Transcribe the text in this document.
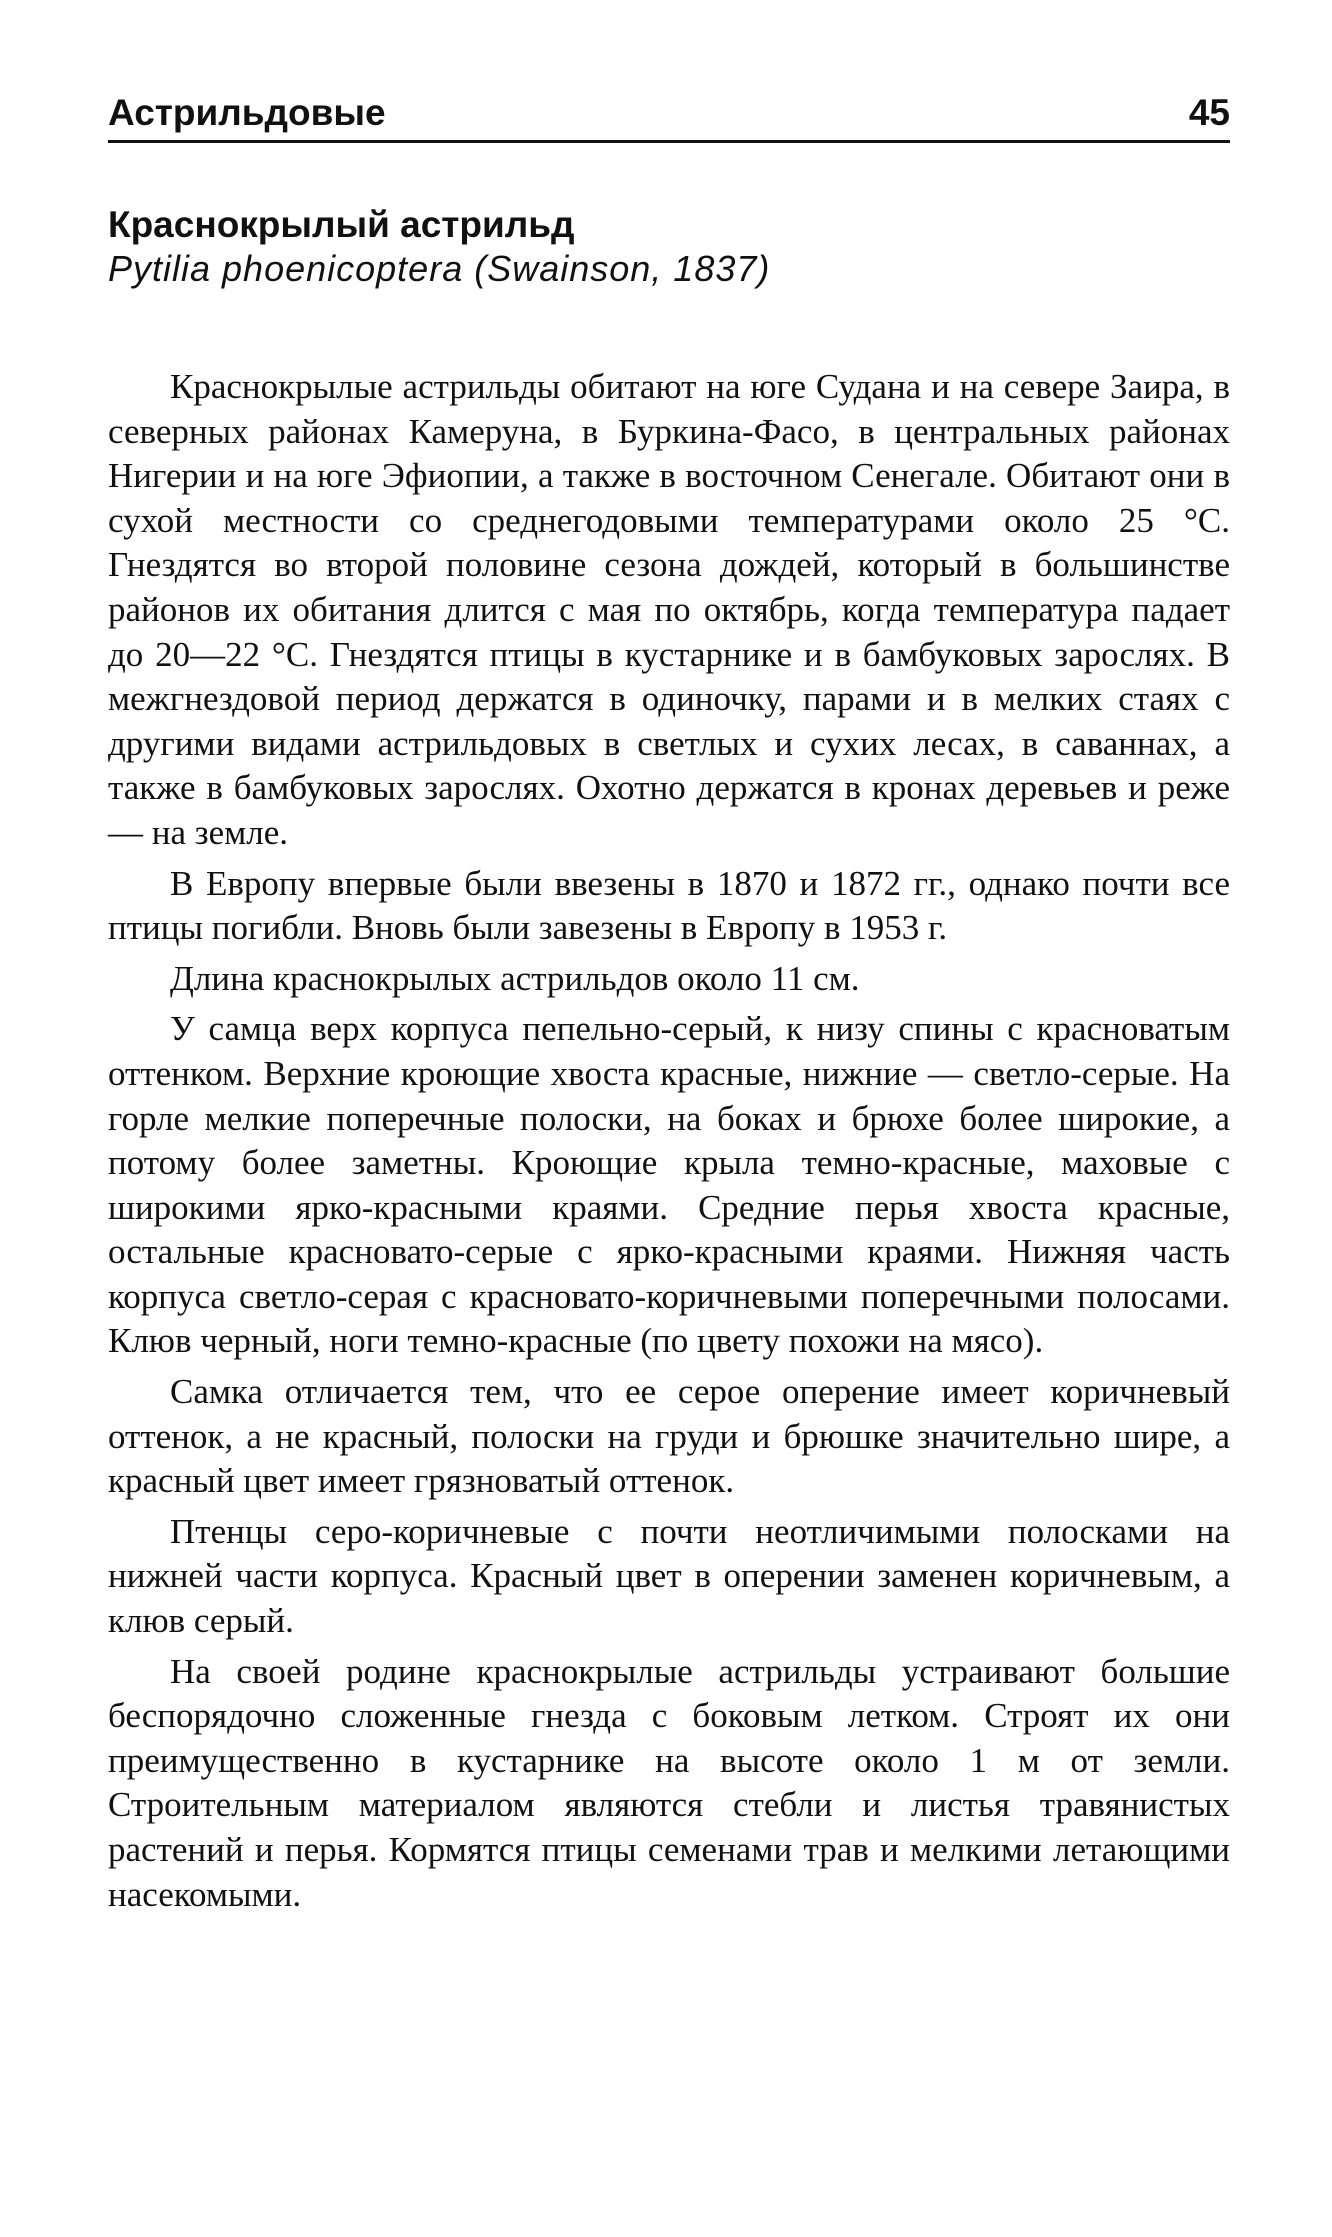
Астрильдовые	45
Краснокрылый астрильд
Pytilia phoenicoptera (Swainson, 1837)

Краснокрылые астрильды обитают на юге Судана и на севере Заира, в северных районах Камеруна, в Буркина-Фасо, в центральных районах Нигерии и на юге Эфиопии, а также в восточном Сенегале. Обитают они в сухой местности со среднегодовыми температурами около 25 °С. Гнездятся во второй половине сезона дождей, который в большинстве районов их обитания длится с мая по октябрь, когда температура падает до 20—22 °С. Гнездятся птицы в кустарнике и в бамбуковых зарослях. В межгнездовой период держатся в одиночку, парами и в мелких стаях с другими видами астрильдовых в светлых и сухих лесах, в саваннах, а также в бамбуковых зарослях. Охотно держатся в кронах деревьев и реже — на земле.

В Европу впервые были ввезены в 1870 и 1872 гг., однако почти все птицы погибли. Вновь были завезены в Европу в 1953 г.

Длина краснокрылых астрильдов около 11 см.

У самца верх корпуса пепельно-серый, к низу спины с красноватым оттенком. Верхние кроющие хвоста красные, нижние — светло-серые. На горле мелкие поперечные полоски, на боках и брюхе более широкие, а потому более заметны. Кроющие крыла темно-красные, маховые с широкими ярко-красными краями. Средние перья хвоста красные, остальные красновато-серые с ярко-красными краями. Нижняя часть корпуса светло-серая с красновато-коричневыми поперечными полосами. Клюв черный, ноги темно-красные (по цвету похожи на мясо).

Самка отличается тем, что ее серое оперение имеет коричневый оттенок, а не красный, полоски на груди и брюшке значительно шире, а красный цвет имеет грязноватый оттенок.

Птенцы серо-коричневые с почти неотличимыми полосками на нижней части корпуса. Красный цвет в оперении заменен коричневым, а клюв серый.

На своей родине краснокрылые астрильды устраивают большие беспорядочно сложенные гнезда с боковым летком. Строят их они преимущественно в кустарнике на высоте около 1 м от земли. Строительным материалом являются стебли и листья травянистых растений и перья. Кормятся птицы семенами трав и мелкими летающими насекомыми.
